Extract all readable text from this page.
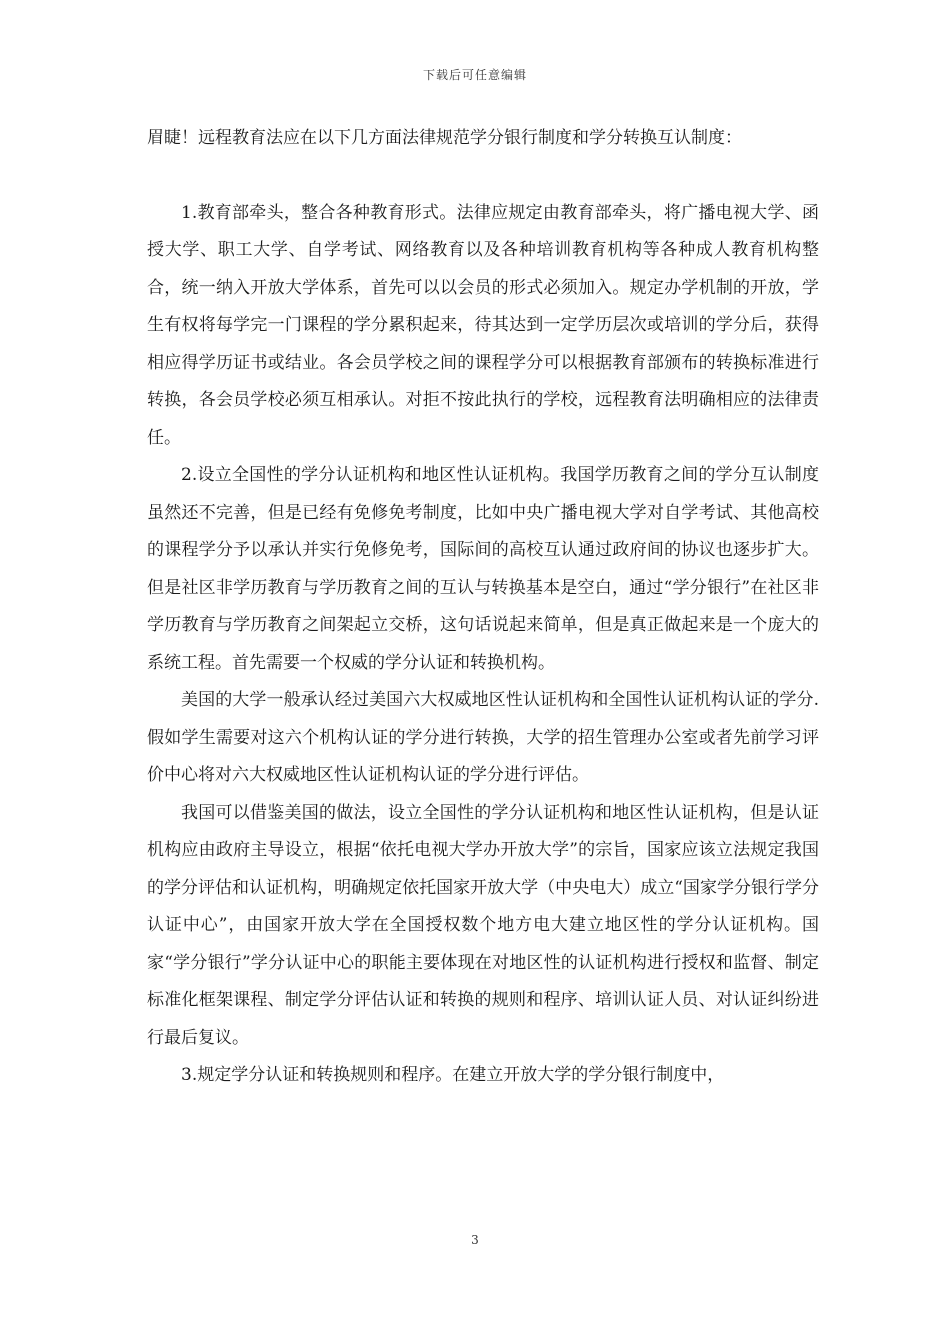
下载后可任意编辑

眉睫！远程教育法应在以下几方面法律规范学分银行制度和学分转换互认制度：

1.教育部牵头，整合各种教育形式。法律应规定由教育部牵头，将广播电视大学、函授大学、职工大学、自学考试、网络教育以及各种培训教育机构等各种成人教育机构整合，统一纳入开放大学体系，首先可以以会员的形式必须加入。规定办学机制的开放，学生有权将每学完一门课程的学分累积起来，待其达到一定学历层次或培训的学分后，获得相应得学历证书或结业。各会员学校之间的课程学分可以根据教育部颁布的转换标准进行转换，各会员学校必须互相承认。对拒不按此执行的学校，远程教育法明确相应的法律责任。

2.设立全国性的学分认证机构和地区性认证机构。我国学历教育之间的学分互认制度虽然还不完善，但是已经有免修免考制度，比如中央广播电视大学对自学考试、其他高校的课程学分予以承认并实行免修免考，国际间的高校互认通过政府间的协议也逐步扩大。但是社区非学历教育与学历教育之间的互认与转换基本是空白，通过“学分银行”在社区非学历教育与学历教育之间架起立交桥，这句话说起来简单，但是真正做起来是一个庞大的系统工程。首先需要一个权威的学分认证和转换机构。

美国的大学一般承认经过美国六大权威地区性认证机构和全国性认证机构认证的学分.假如学生需要对这六个机构认证的学分进行转换，大学的招生管理办公室或者先前学习评价中心将对六大权威地区性认证机构认证的学分进行评估。

我国可以借鉴美国的做法，设立全国性的学分认证机构和地区性认证机构，但是认证机构应由政府主导设立，根据“依托电视大学办开放大学”的宗旨，国家应该立法规定我国的学分评估和认证机构，明确规定依托国家开放大学（中央电大）成立“国家学分银行学分认证中心”，由国家开放大学在全国授权数个地方电大建立地区性的学分认证机构。国家“学分银行”学分认证中心的职能主要体现在对地区性的认证机构进行授权和监督、制定标准化框架课程、制定学分评估认证和转换的规则和程序、培训认证人员、对认证纠纷进行最后复议。

3.规定学分认证和转换规则和程序。在建立开放大学的学分银行制度中，

3
